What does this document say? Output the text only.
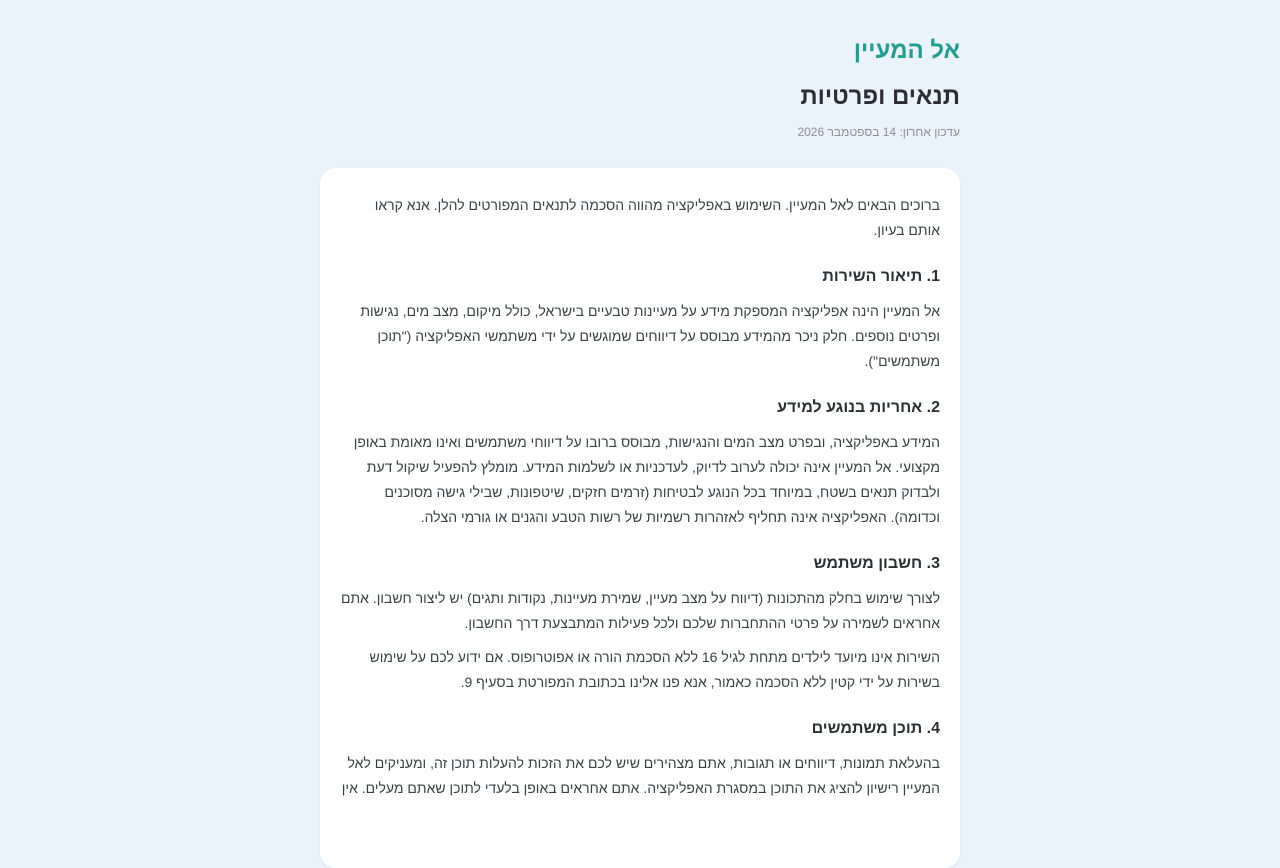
אל המעיין
תנאים ופרטיות

עדכון אחרון: 14 בספטמבר 2026

ברוכים הבאים לאל המעיין. השימוש באפליקציה מהווה הסכמה לתנאים המפורטים להלן. אנא קראו אותם בעיון.

1. תיאור השירות

אל המעיין הינה אפליקציה המספקת מידע על מעיינות טבעיים בישראל, כולל מיקום, מצב מים, נגישות ופרטים נוספים. חלק ניכר מהמידע מבוסס על דיווחים שמוגשים על ידי משתמשי האפליקציה ("תוכן משתמשים").

2. אחריות בנוגע למידע

המידע באפליקציה, ובפרט מצב המים והנגישות, מבוסס ברובו על דיווחי משתמשים ואינו מאומת באופן מקצועי. אל המעיין אינה יכולה לערוב לדיוק, לעדכניות או לשלמות המידע. מומלץ להפעיל שיקול דעת ולבדוק תנאים בשטח, במיוחד בכל הנוגע לבטיחות (זרמים חזקים, שיטפונות, שבילי גישה מסוכנים וכדומה). האפליקציה אינה תחליף לאזהרות רשמיות של רשות הטבע והגנים או גורמי הצלה.

3. חשבון משתמש

לצורך שימוש בחלק מהתכונות (דיווח על מצב מעיין, שמירת מעיינות, נקודות ותגים) יש ליצור חשבון. אתם אחראים לשמירה על פרטי ההתחברות שלכם ולכל פעילות המתבצעת דרך החשבון.

השירות אינו מיועד לילדים מתחת לגיל 16 ללא הסכמת הורה או אפוטרופוס. אם ידוע לכם על שימוש בשירות על ידי קטין ללא הסכמה כאמור, אנא פנו אלינו בכתובת המפורטת בסעיף 9.

4. תוכן משתמשים

בהעלאת תמונות, דיווחים או תגובות, אתם מצהירים שיש לכם את הזכות להעלות תוכן זה, ומעניקים לאל המעיין רישיון להציג את התוכן במסגרת האפליקציה. אתם אחראים באופן בלעדי לתוכן שאתם מעלים. אין
